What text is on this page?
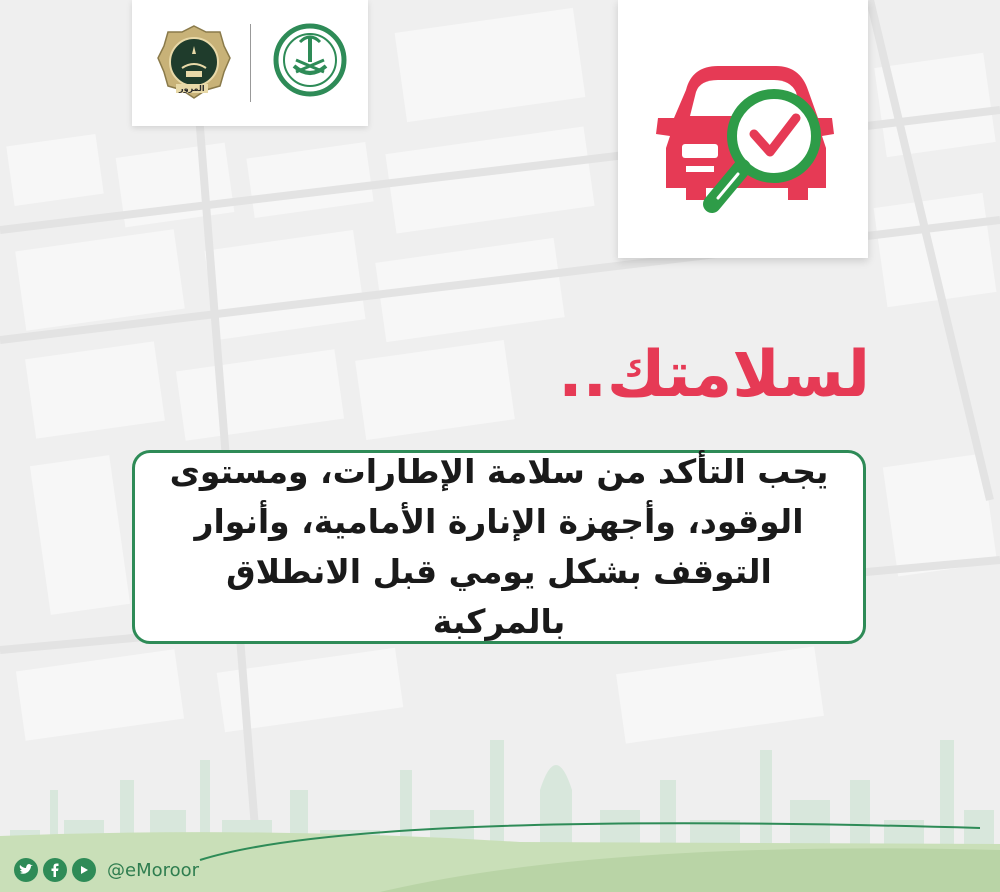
المرور
لسلامتك..
يجب التأكد من سلامة الإطارات، ومستوى الوقود، وأجهزة الإنارة الأمامية، وأنوار التوقف بشكل يومي قبل الانطلاق بالمركبة
@eMoroor
